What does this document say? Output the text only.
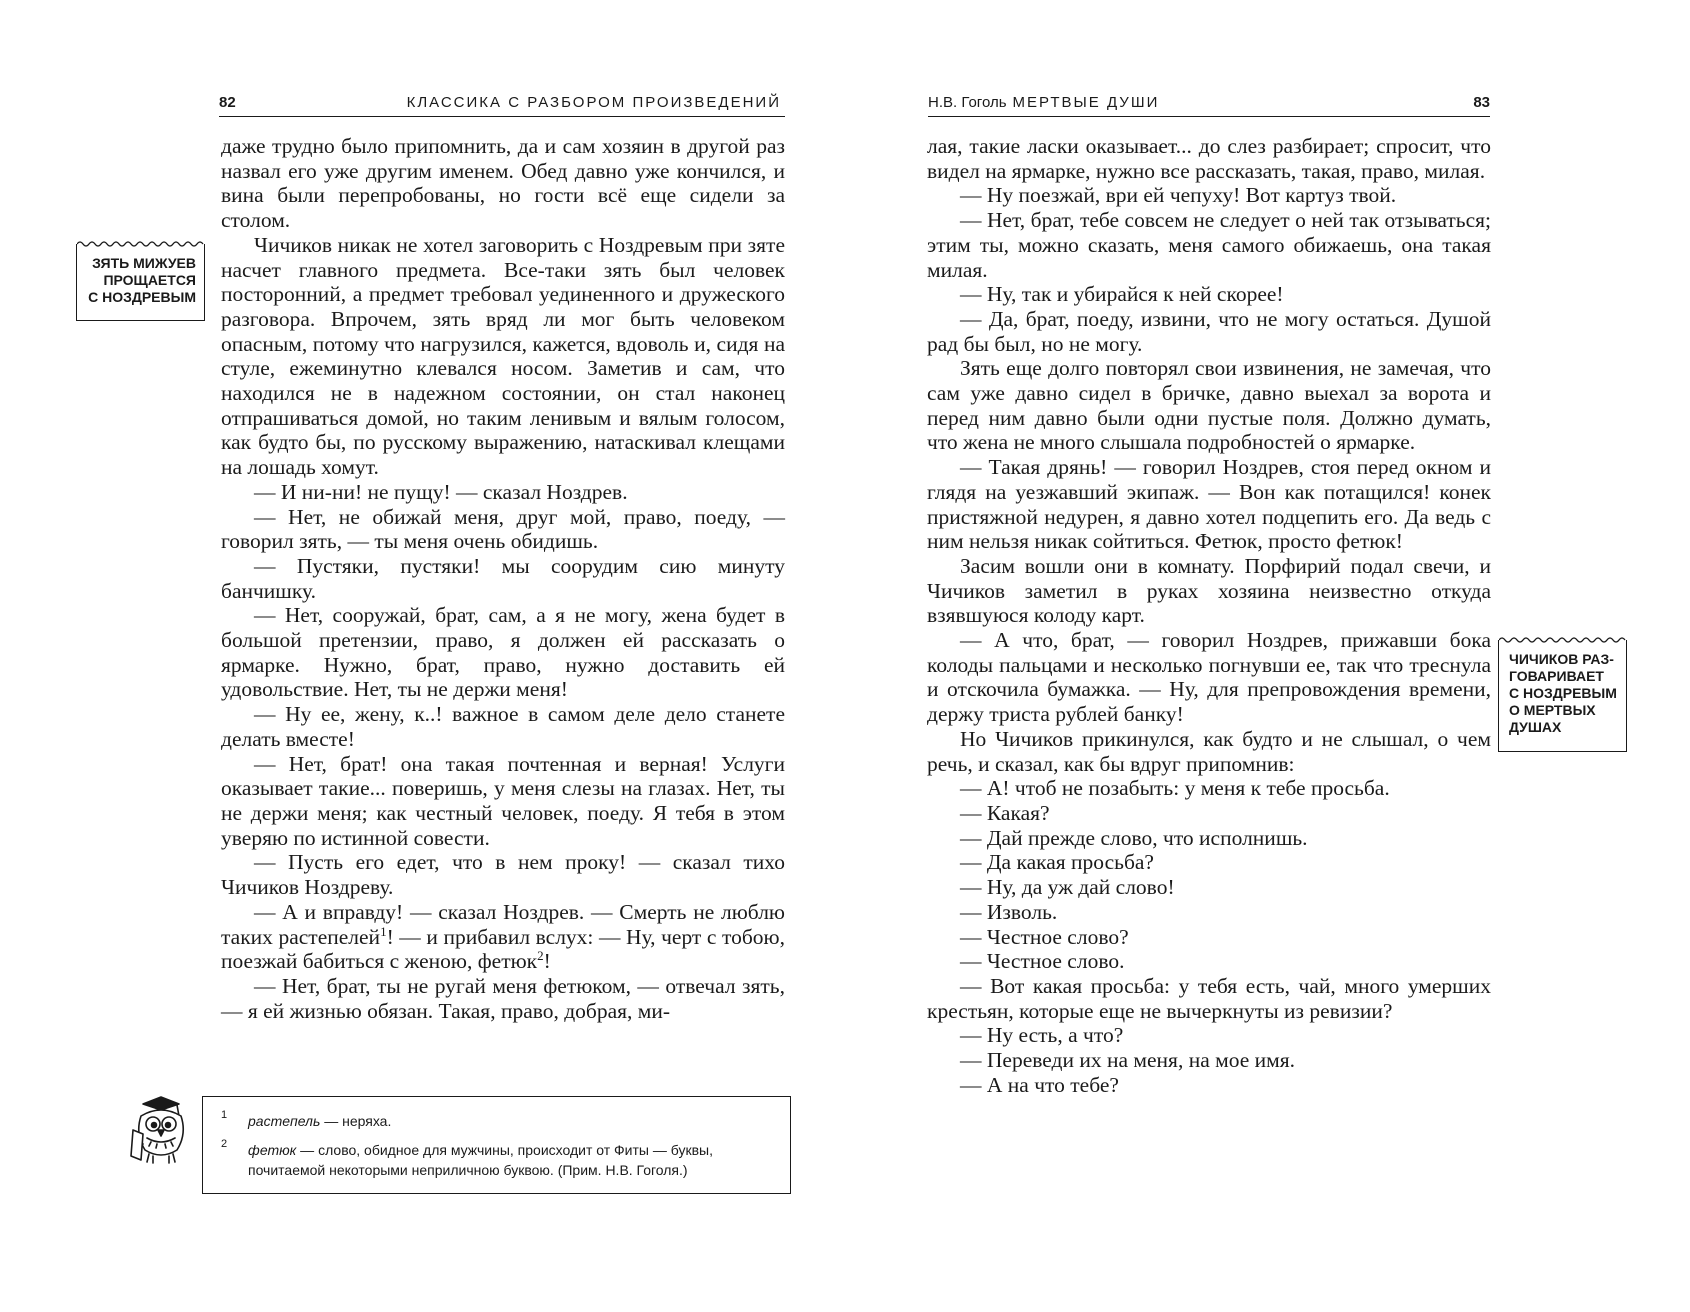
82	КЛАССИКА С РАЗБОРОМ ПРОИЗВЕДЕНИЙ	Н.В. Гоголь МЕРТВЫЕ ДУШИ	83
ЗЯТЬ МИЖУЕВ
ПРОЩАЕТСЯ
С НОЗДРЕВЫМ
ЧИЧИКОВ РАЗ-
ГОВАРИВАЕТ
С НОЗДРЕВЫМ
О МЕРТВЫХ
ДУШАХ

даже трудно было припомнить, да и сам хозяин в другой раз назвал его уже другим именем. Обед давно уже кончился, и вина были перепробованы, но гости всё еще сидели за столом.

Чичиков никак не хотел заговорить с Ноздревым при зяте насчет главного предмета. Все-таки зять был человек посторонний, а предмет требовал уединенного и дружеского разговора. Впрочем, зять вряд ли мог быть человеком опасным, потому что нагрузился, кажется, вдоволь и, сидя на стуле, ежеминутно клевался носом. Заметив и сам, что находился не в надежном состоянии, он стал наконец отпрашиваться домой, но таким ленивым и вялым голосом, как будто бы, по русскому выражению, натаскивал клещами на лошадь хомут.

— И ни-ни! не пущу! — сказал Ноздрев.

— Нет, не обижай меня, друг мой, право, поеду, — говорил зять, — ты меня очень обидишь.

— Пустяки, пустяки! мы соорудим сию минуту банчишку.

— Нет, сооружай, брат, сам, а я не могу, жена будет в большой претензии, право, я должен ей рассказать о ярмарке. Нужно, брат, право, нужно доставить ей удовольствие. Нет, ты не держи меня!

— Ну ее, жену, к..! важное в самом деле дело станете делать вместе!

— Нет, брат! она такая почтенная и верная! Услуги оказывает такие... поверишь, у меня слезы на глазах. Нет, ты не держи меня; как честный человек, поеду. Я тебя в этом уверяю по истинной совести.

— Пусть его едет, что в нем проку! — сказал тихо Чичиков Ноздреву.

— А и вправду! — сказал Ноздрев. — Смерть не люблю таких растепелей$^1$! — и прибавил вслух: — Ну, черт с тобою, поезжай бабиться с женою, фетюк$^2$!

— Нет, брат, ты не ругай меня фетюком, — отвечал зять, — я ей жизнью обязан. Такая, право, добрая, ми-

1 растепель — неряха.
2 фетюк — слово, обидное для мужчины, происходит от Фиты — буквы, почитаемой некоторыми неприличною буквою. (Прим. Н.В. Гоголя.)

лая, такие ласки оказывает... до слез разбирает; спросит, что видел на ярмарке, нужно все рассказать, такая, право, милая.

— Ну поезжай, ври ей чепуху! Вот картуз твой.

— Нет, брат, тебе совсем не следует о ней так отзываться; этим ты, можно сказать, меня самого обижаешь, она такая милая.

— Ну, так и убирайся к ней скорее!

— Да, брат, поеду, извини, что не могу остаться. Душой рад бы был, но не могу.

Зять еще долго повторял свои извинения, не замечая, что сам уже давно сидел в бричке, давно выехал за ворота и перед ним давно были одни пустые поля. Должно думать, что жена не много слышала подробностей о ярмарке.

— Такая дрянь! — говорил Ноздрев, стоя перед окном и глядя на уезжавший экипаж. — Вон как потащился! конек пристяжной недурен, я давно хотел подцепить его. Да ведь с ним нельзя никак сойтиться. Фетюк, просто фетюк!

Засим вошли они в комнату. Порфирий подал свечи, и Чичиков заметил в руках хозяина неизвестно откуда взявшуюся колоду карт.

— А что, брат, — говорил Ноздрев, прижавши бока колоды пальцами и несколько погнувши ее, так что треснула и отскочила бумажка. — Ну, для препровождения времени, держу триста рублей банку!

Но Чичиков прикинулся, как будто и не слышал, о чем речь, и сказал, как бы вдруг припомнив:

— А! чтоб не позабыть: у меня к тебе просьба.

— Какая?

— Дай прежде слово, что исполнишь.

— Да какая просьба?

— Ну, да уж дай слово!

— Изволь.

— Честное слово?

— Честное слово.

— Вот какая просьба: у тебя есть, чай, много умерших крестьян, которые еще не вычеркнуты из ревизии?

— Ну есть, а что?

— Переведи их на меня, на мое имя.

— А на что тебе?
